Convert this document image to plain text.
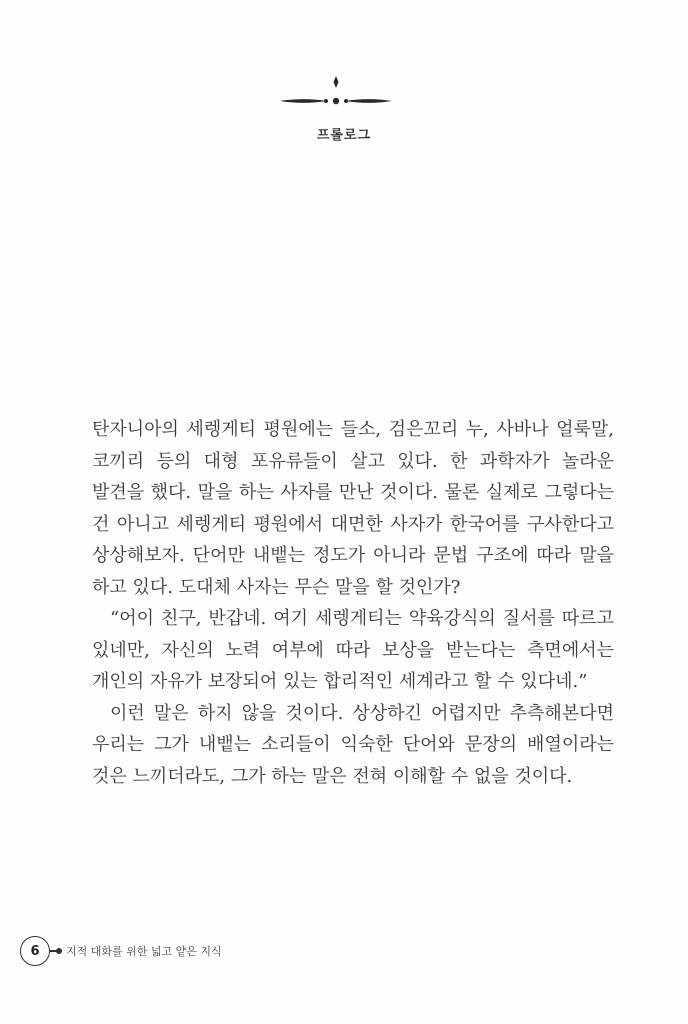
프롤로그

탄자니아의 세렝게티 평원에는 들소, 검은꼬리 누, 사바나 얼룩말, 코끼리 등의 대형 포유류들이 살고 있다. 한 과학자가 놀라운 발견을 했다. 말을 하는 사자를 만난 것이다. 물론 실제로 그렇다는 건 아니고 세렝게티 평원에서 대면한 사자가 한국어를 구사한다고 상상해보자. 단어만 내뱉는 정도가 아니라 문법 구조에 따라 말을 하고 있다. 도대체 사자는 무슨 말을 할 것인가?

“어이 친구, 반갑네. 여기 세렝게티는 약육강식의 질서를 따르고 있네만, 자신의 노력 여부에 따라 보상을 받는다는 측면에서는 개인의 자유가 보장되어 있는 합리적인 세계라고 할 수 있다네.”

이런 말은 하지 않을 것이다. 상상하긴 어렵지만 추측해본다면 우리는 그가 내뱉는 소리들이 익숙한 단어와 문장의 배열이라는 것은 느끼더라도, 그가 하는 말은 전혀 이해할 수 없을 것이다.

6	지적 대화를 위한 넓고 얕은 지식
